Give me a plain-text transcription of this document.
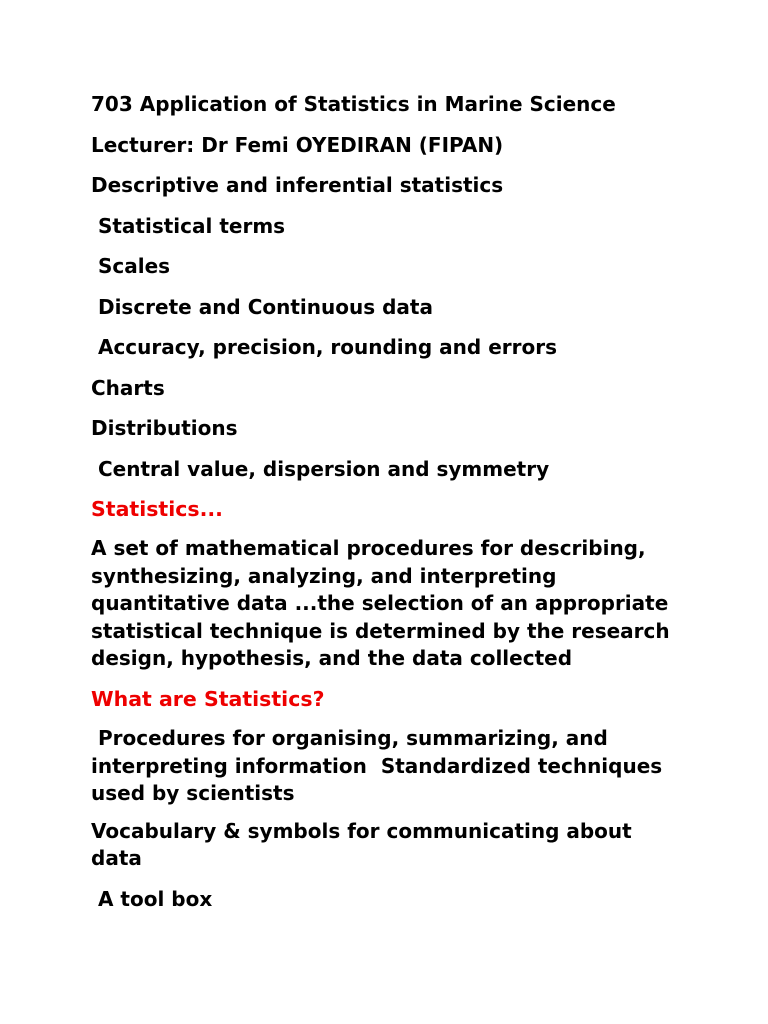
703 Application of Statistics in Marine Science

Lecturer: Dr Femi OYEDIRAN (FIPAN)

Descriptive and inferential statistics

Statistical terms

Scales

Discrete and Continuous data

Accuracy, precision, rounding and errors

Charts

Distributions

Central value, dispersion and symmetry

Statistics...

A set of mathematical procedures for describing,
synthesizing, analyzing, and interpreting
quantitative data ...the selection of an appropriate
statistical technique is determined by the research
design, hypothesis, and the data collected

What are Statistics?

Procedures for organising, summarizing, and
interpreting information  Standardized techniques
used by scientists

Vocabulary & symbols for communicating about
data

A tool box
